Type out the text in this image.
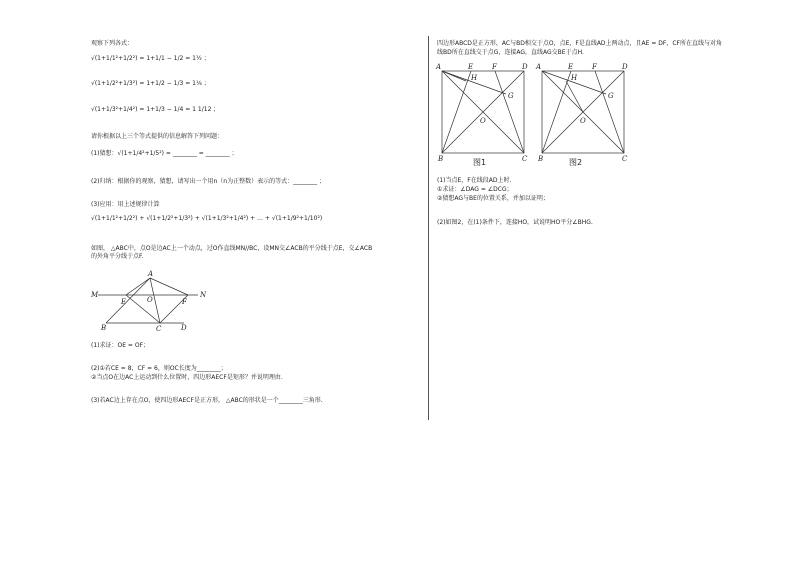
观察下列各式：
√(1+1/1²+1/2²) = 1+1/1 − 1/2 = 1½ ；
√(1+1/2²+1/3²) = 1+1/2 − 1/3 = 1⅙ ；
√(1+1/3²+1/4²) = 1+1/3 − 1/4 = 1 1/12 ；
请你根据以上三个等式提供的信息解答下列问题：
(1)猜想：√(1+1/4²+1/5²) = ________ = ________ ；
(2)归纳：根据你的观察，猜想，请写出一个用n（n为正整数）表示的等式：________ ；
(3)应用：用上述规律计算
√(1+1/1²+1/2²) + √(1+1/2²+1/3²) + √(1+1/3²+1/4²) + … + √(1+1/9²+1/10²)
如图， △ABC中，点O是边AC上一个动点，过O作直线MN//BC，设MN交∠ACB的平分线于点E，交∠ACB
的外角平分线于点F.
A
M	N
E	O	F
B	C	D
(1)求证：OE = OF；
(2)①若CE = 8，CF = 6，则OC长度为________；
②当点O在边AC上运动到什么位置时，四边形AECF是矩形？并说明理由.
(3)若AC边上存在点O，使四边形AECF是正方形， △ABC的形状是一个________三角形.
四边形ABCD是正方形，AC与BD相交于点O，点E，F是直线AD上两动点，且AE = DF，CF所在直线与对角
线BD所在直线交于点G，连接AG，直线AG交BE于点H.
A	E	F	D
H
G
O
B	C
图1
A	E	F	D
H
G
O
B	C
图2
(1)当点E，F在线段AD上时.
①求证：∠DAG = ∠DCG；
②猜想AG与BE的位置关系，并加以证明；
(2)如图2，在(1)条件下，连接HO，试说明HO平分∠BHG.
